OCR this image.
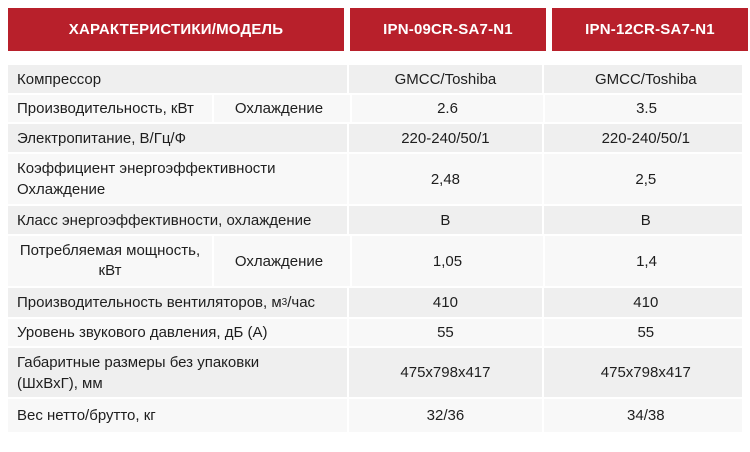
ХАРАКТЕРИСТИКИ/МОДЕЛЬ	IPN-09CR-SA7-N1	IPN-12CR-SA7-N1
Компрессор	GMCC/Toshiba	GMCC/Toshiba
Производительность, кВт	Охлаждение	2.6	3.5
Электропитание, В/Гц/Ф	220-240/50/1	220-240/50/1
Коэффициент энергоэффективности
Охлаждение
2,48	2,5
Класс энергоэффективности, охлаждение	B	B
Потребляемая мощность,
кВт
Охлаждение	1,05	1,4
Производительность вентиляторов, м 3 /час	410	410
Уровень звукового давления, дБ (А)	55	55
Габаритные размеры без упаковки
(ШхВхГ), мм
475x798x417	475x798x417
Вес нетто/брутто, кг	32/36	34/38
